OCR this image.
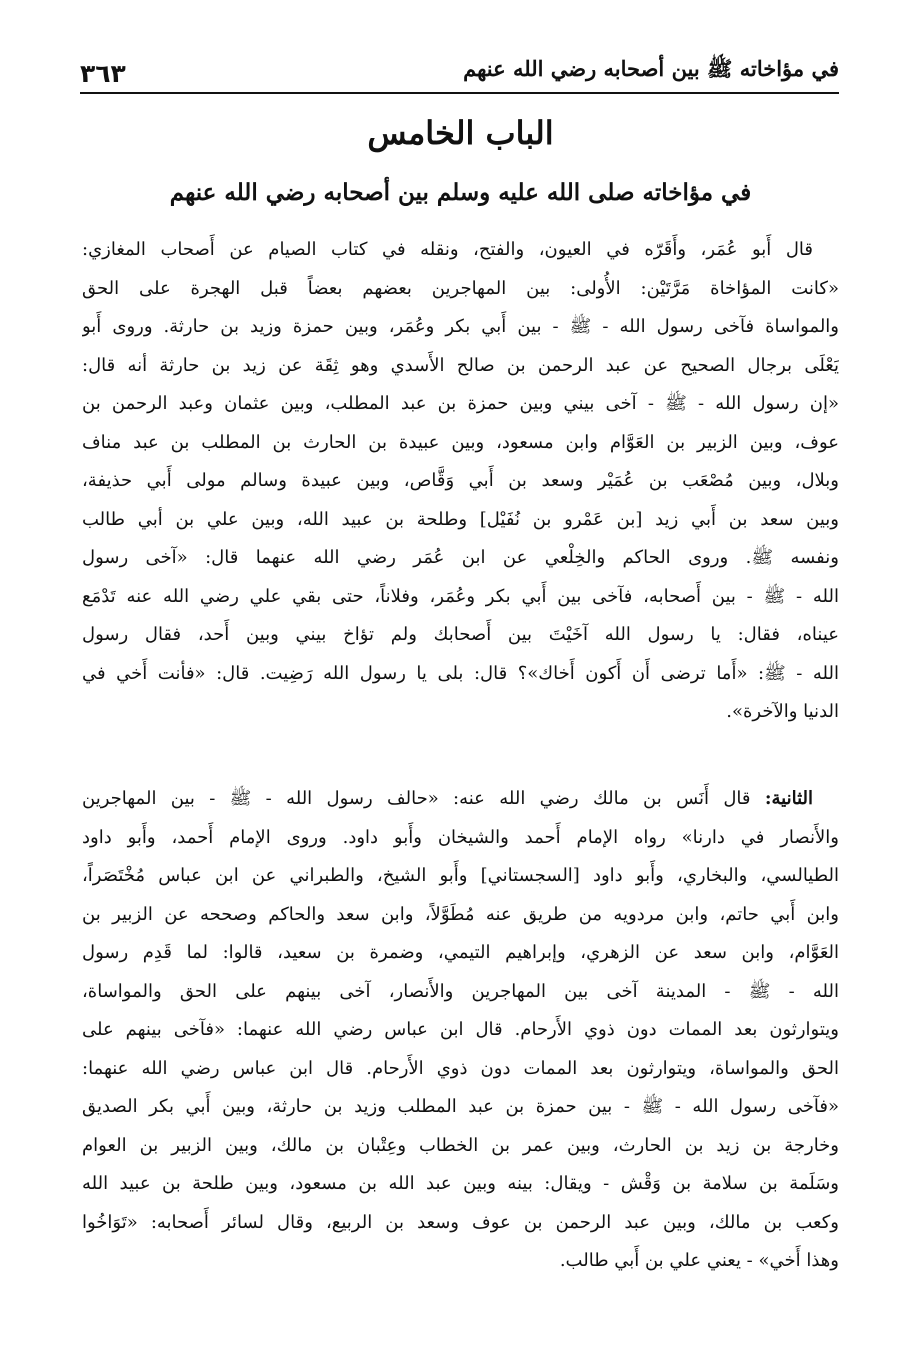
في مؤاخاته ﷺ بين أصحابه رضي الله عنهم
٣٦٣
الباب الخامس
في مؤاخاته صلى الله عليه وسلم بين أصحابه رضي الله عنهم
قال أَبو عُمَر، وأَقَرّه في العيون، والفتح، ونقله في كتاب الصيام عن أَصحاب المغازي:
«كانت المؤاخاة مَرَّتَيْن: الأُولى: بين المهاجرين بعضهم بعضاً قبل الهجرة على الحق
والمواساة فآخى رسول الله - ﷺ - بين أَبي بكر وعُمَر، وبين حمزة وزيد بن حارثة. وروى أَبو
يَعْلَى برجال الصحيح عن عبد الرحمن بن صالح الأَسدي وهو ثِقَة عن زيد بن حارثة أنه قال:
«إن رسول الله - ﷺ - آخى بيني وبين حمزة بن عبد المطلب، وبين عثمان وعبد الرحمن بن
عوف، وبين الزبير بن العَوَّام وابن مسعود، وبين عبيدة بن الحارث بن المطلب بن عبد مناف
وبلال، وبين مُصْعَب بن عُمَيْر وسعد بن أَبي وَقَّاص، وبين عبيدة وسالم مولى أَبي حذيفة،
وبين سعد بن أَبي زيد [بن عَمْرو بن نُفَيْل] وطلحة بن عبيد الله، وبين علي بن أبي طالب
ونفسه ﷺ. وروى الحاكم والخِلْعي عن ابن عُمَر رضي الله عنهما قال: «آخى رسول
الله - ﷺ - بين أَصحابه، فآخى بين أَبي بكر وعُمَر، وفلاناً، حتى بقي علي رضي الله عنه تَدْمَع
عيناه، فقال: يا رسول الله آخَيْتَ بين أَصحابك ولم تؤاخ بيني وبين أَحد، فقال رسول
الله - ﷺ: «أَما ترضى أَن أَكون أَخاك»؟ قال: بلى يا رسول الله رَضِيت. قال: «فأنت أَخي في
الدنيا والآخرة».
الثانية: قال أَنَس بن مالك رضي الله عنه: «حالف رسول الله - ﷺ - بين المهاجرين
والأَنصار في دارنا» رواه الإمام أَحمد والشيخان وأَبو داود. وروى الإمام أَحمد، وأَبو داود
الطيالسي، والبخاري، وأَبو داود [السجستاني] وأَبو الشيخ، والطبراني عن ابن عباس مُخْتَصَراً،
وابن أَبي حاتم، وابن مردويه من طريق عنه مُطَوَّلاً، وابن سعد والحاكم وصححه عن الزبير بن
العَوَّام، وابن سعد عن الزهري، وإبراهيم التيمي، وضمرة بن سعيد، قالوا: لما قَدِم رسول
الله - ﷺ - المدينة آخى بين المهاجرين والأَنصار، آخى بينهم على الحق والمواساة،
ويتوارثون بعد الممات دون ذوي الأَرحام. قال ابن عباس رضي الله عنهما: «فآخى بينهم على
الحق والمواساة، ويتوارثون بعد الممات دون ذوي الأَرحام. قال ابن عباس رضي الله عنهما:
«فآخى رسول الله - ﷺ - بين حمزة بن عبد المطلب وزيد بن حارثة، وبين أَبي بكر الصديق
وخارجة بن زيد بن الحارث، وبين عمر بن الخطاب وعِتْبان بن مالك، وبين الزبير بن العوام
وسَلَمة بن سلامة بن وَقْش - ويقال: بينه وبين عبد الله بن مسعود، وبين طلحة بن عبيد الله
وكعب بن مالك، وبين عبد الرحمن بن عوف وسعد بن الربيع، وقال لسائر أَصحابه: «تَوَاخُوا
وهذا أَخي» - يعني علي بن أَبي طالب.
